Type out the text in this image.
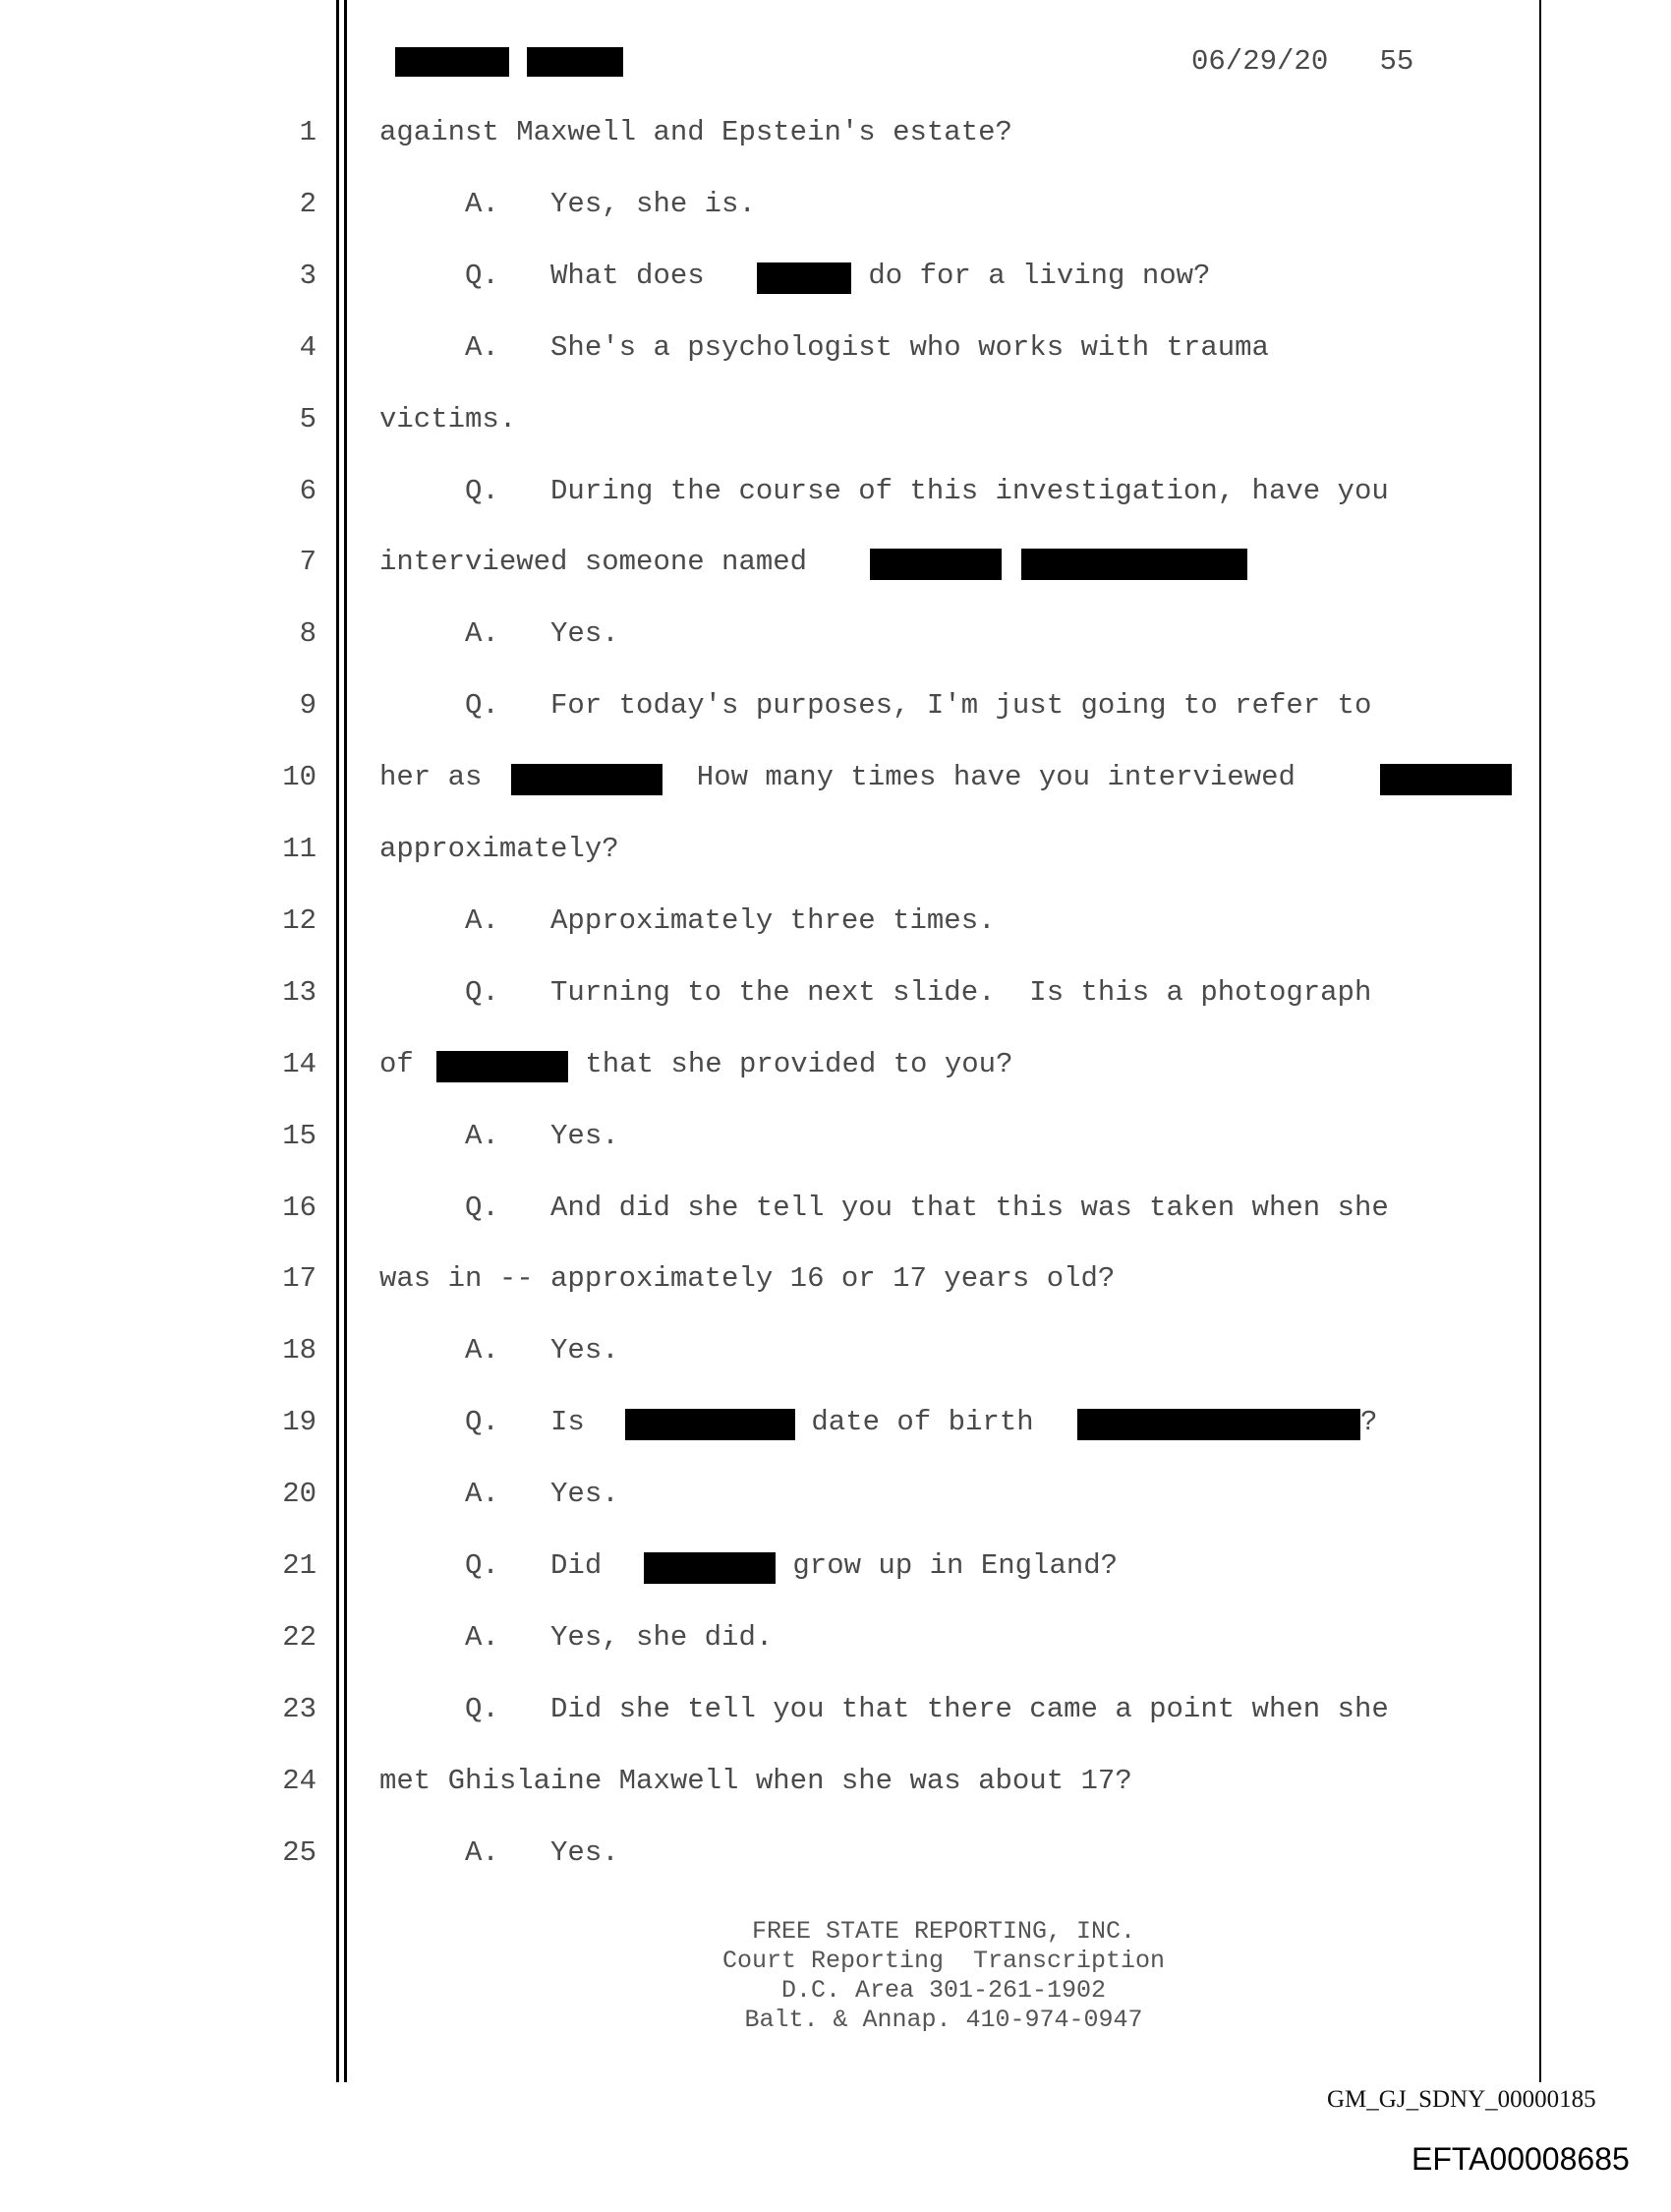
06/29/20 55
1 against Maxwell and Epstein's estate?
2 A.   Yes, she is.
3 Q.   What does	do for a living now?
4 A.   She's a psychologist who works with trauma
5 victims.
6 Q.   During the course of this investigation, have you
7 interviewed someone named

8 A.   Yes.
9 Q.   For today's purposes, I'm just going to refer to
10 her as	How many times have you interviewed
11 approximately?
12 A.   Approximately three times.
13 Q.   Turning to the next slide.  Is this a photograph
14 of	that she provided to you?
15 A.   Yes.
16 Q.   And did she tell you that this was taken when she
17 was in -- approximately 16 or 17 years old?
18 A.   Yes.
19 Q.   Is	date of birth	?
20 A.   Yes.
21 Q.   Did	grow up in England?
22 A.   Yes, she did.
23 Q.   Did she tell you that there came a point when she
24 met Ghislaine Maxwell when she was about 17?
25 A.   Yes.
FREE STATE REPORTING, INC.
Court Reporting  Transcription
D.C. Area 301-261-1902
Balt. & Annap. 410-974-0947
GM_GJ_SDNY_00000185
EFTA00008685
